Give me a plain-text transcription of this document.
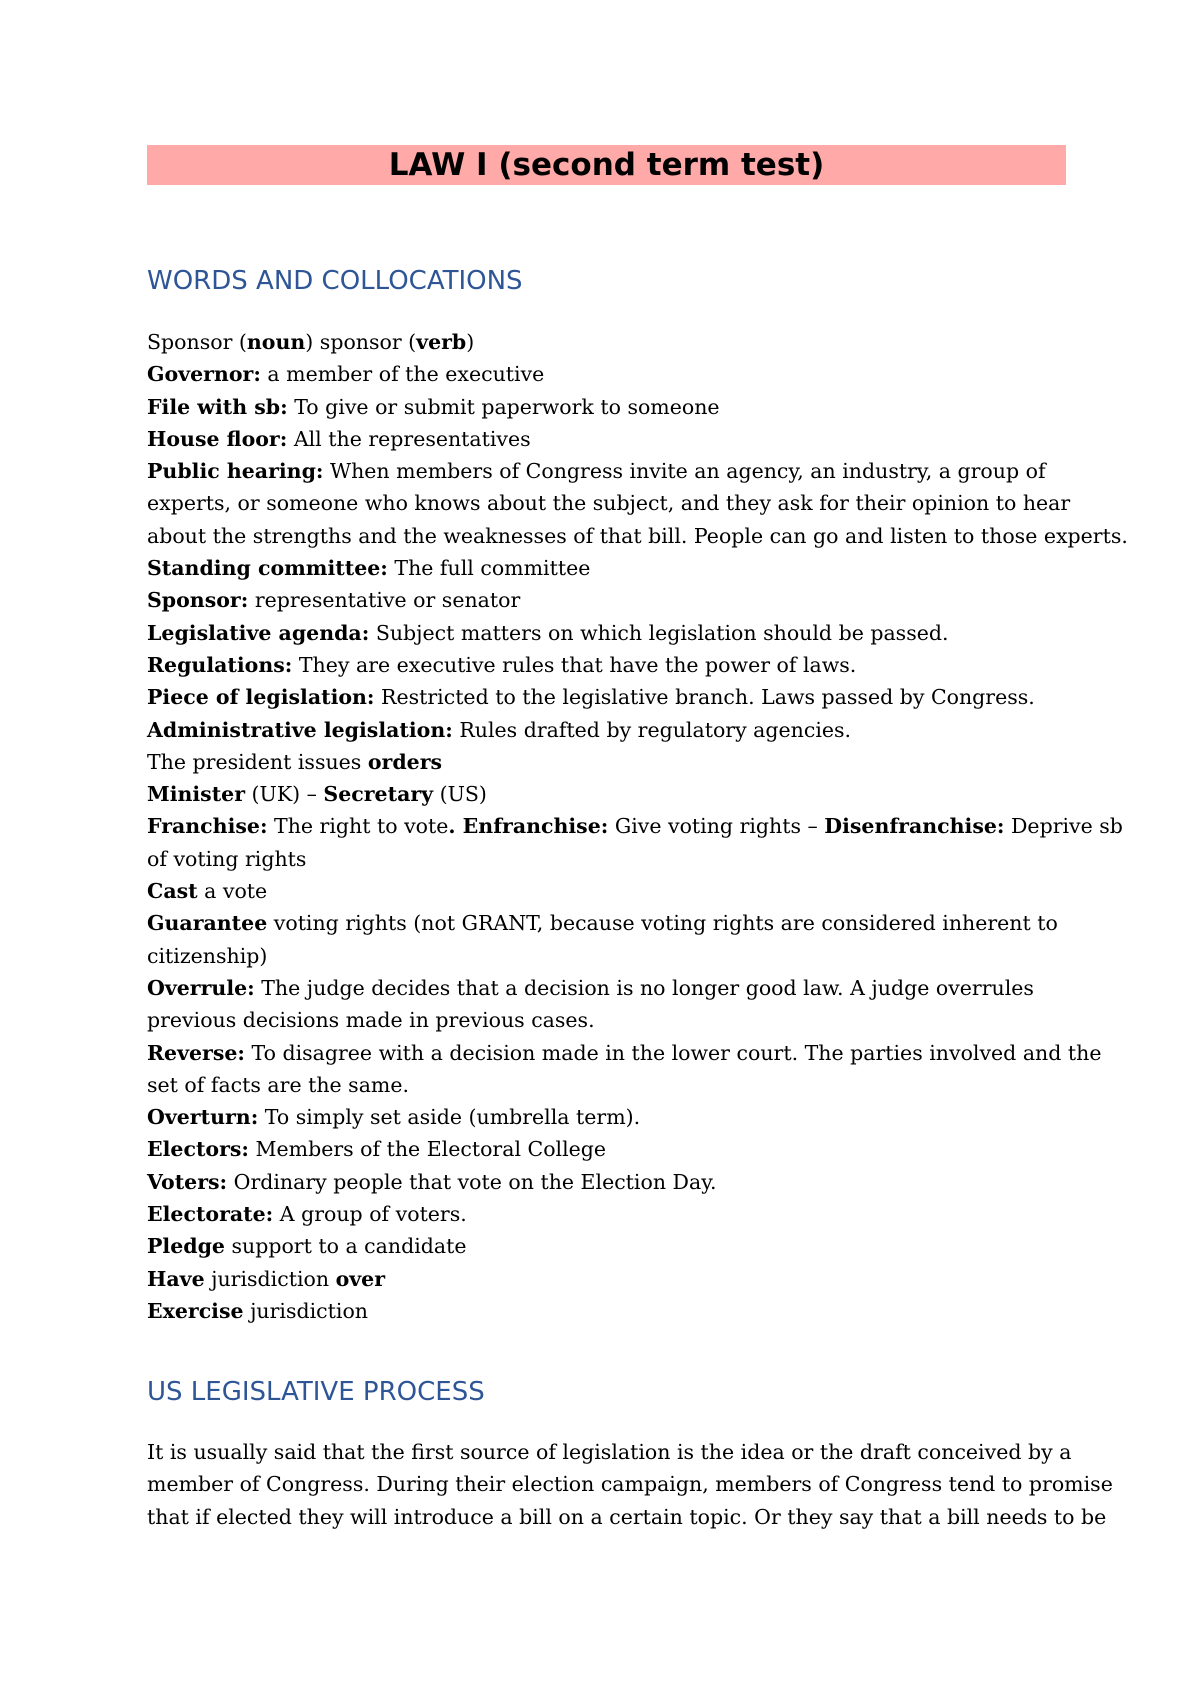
LAW I (second term test)
WORDS AND COLLOCATIONS
Sponsor (noun) sponsor (verb)
Governor: a member of the executive
File with sb: To give or submit paperwork to someone
House floor: All the representatives
Public hearing: When members of Congress invite an agency, an industry, a group of
experts, or someone who knows about the subject, and they ask for their opinion to hear
about the strengths and the weaknesses of that bill. People can go and listen to those experts.
Standing committee: The full committee
Sponsor: representative or senator
Legislative agenda: Subject matters on which legislation should be passed.
Regulations: They are executive rules that have the power of laws.
Piece of legislation: Restricted to the legislative branch. Laws passed by Congress.
Administrative legislation: Rules drafted by regulatory agencies.
The president issues orders
Minister (UK) – Secretary (US)
Franchise: The right to vote. Enfranchise: Give voting rights – Disenfranchise: Deprive sb
of voting rights
Cast a vote
Guarantee voting rights (not GRANT, because voting rights are considered inherent to
citizenship)
Overrule: The judge decides that a decision is no longer good law. A judge overrules
previous decisions made in previous cases.
Reverse: To disagree with a decision made in the lower court. The parties involved and the
set of facts are the same.
Overturn: To simply set aside (umbrella term).
Electors: Members of the Electoral College
Voters: Ordinary people that vote on the Election Day.
Electorate: A group of voters.
Pledge support to a candidate
Have jurisdiction over
Exercise jurisdiction
US LEGISLATIVE PROCESS
It is usually said that the first source of legislation is the idea or the draft conceived by a
member of Congress. During their election campaign, members of Congress tend to promise
that if elected they will introduce a bill on a certain topic. Or they say that a bill needs to be
